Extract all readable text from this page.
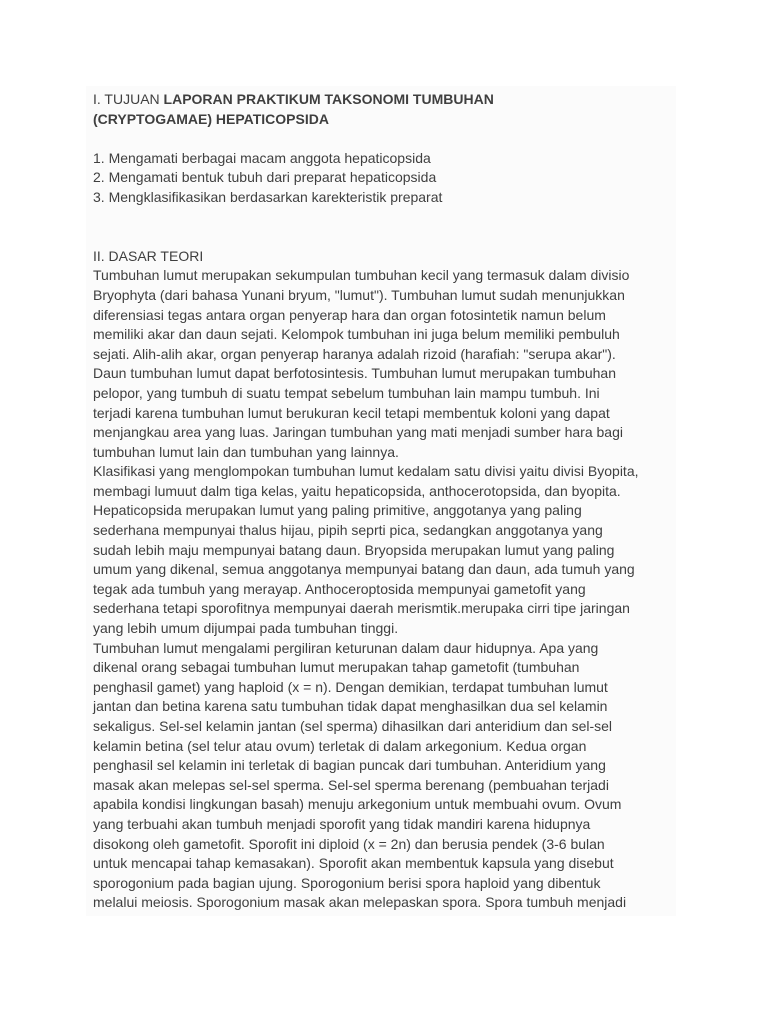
I. TUJUAN LAPORAN PRAKTIKUM TAKSONOMI TUMBUHAN
(CRYPTOGAMAE) HEPATICOPSIDA
1. Mengamati berbagai macam anggota hepaticopsida
2. Mengamati bentuk tubuh dari preparat hepaticopsida
3. Mengklasifikasikan berdasarkan karekteristik preparat
II. DASAR TEORI
Tumbuhan lumut merupakan sekumpulan tumbuhan kecil yang termasuk dalam divisio
Bryophyta (dari bahasa Yunani bryum, "lumut"). Tumbuhan lumut sudah menunjukkan
diferensiasi tegas antara organ penyerap hara dan organ fotosintetik namun belum
memiliki akar dan daun sejati. Kelompok tumbuhan ini juga belum memiliki pembuluh
sejati. Alih-alih akar, organ penyerap haranya adalah rizoid (harafiah: "serupa akar").
Daun tumbuhan lumut dapat berfotosintesis. Tumbuhan lumut merupakan tumbuhan
pelopor, yang tumbuh di suatu tempat sebelum tumbuhan lain mampu tumbuh. Ini
terjadi karena tumbuhan lumut berukuran kecil tetapi membentuk koloni yang dapat
menjangkau area yang luas. Jaringan tumbuhan yang mati menjadi sumber hara bagi
tumbuhan lumut lain dan tumbuhan yang lainnya.
Klasifikasi yang menglompokan tumbuhan lumut kedalam satu divisi yaitu divisi Byopita,
membagi lumuut dalm tiga kelas, yaitu hepaticopsida, anthocerotopsida, dan byopita.
Hepaticopsida merupakan lumut yang paling primitive, anggotanya yang paling
sederhana mempunyai thalus hijau, pipih seprti pica, sedangkan anggotanya yang
sudah lebih maju mempunyai batang daun. Bryopsida merupakan lumut yang paling
umum yang dikenal, semua anggotanya mempunyai batang dan daun, ada tumuh yang
tegak ada tumbuh yang merayap. Anthoceroptosida mempunyai gametofit yang
sederhana tetapi sporofitnya mempunyai daerah merismtik.merupaka cirri tipe jaringan
yang lebih umum dijumpai pada tumbuhan tinggi.
Tumbuhan lumut mengalami pergiliran keturunan dalam daur hidupnya. Apa yang
dikenal orang sebagai tumbuhan lumut merupakan tahap gametofit (tumbuhan
penghasil gamet) yang haploid (x = n). Dengan demikian, terdapat tumbuhan lumut
jantan dan betina karena satu tumbuhan tidak dapat menghasilkan dua sel kelamin
sekaligus. Sel-sel kelamin jantan (sel sperma) dihasilkan dari anteridium dan sel-sel
kelamin betina (sel telur atau ovum) terletak di dalam arkegonium. Kedua organ
penghasil sel kelamin ini terletak di bagian puncak dari tumbuhan. Anteridium yang
masak akan melepas sel-sel sperma. Sel-sel sperma berenang (pembuahan terjadi
apabila kondisi lingkungan basah) menuju arkegonium untuk membuahi ovum. Ovum
yang terbuahi akan tumbuh menjadi sporofit yang tidak mandiri karena hidupnya
disokong oleh gametofit. Sporofit ini diploid (x = 2n) dan berusia pendek (3-6 bulan
untuk mencapai tahap kemasakan). Sporofit akan membentuk kapsula yang disebut
sporogonium pada bagian ujung. Sporogonium berisi spora haploid yang dibentuk
melalui meiosis. Sporogonium masak akan melepaskan spora. Spora tumbuh menjadi
